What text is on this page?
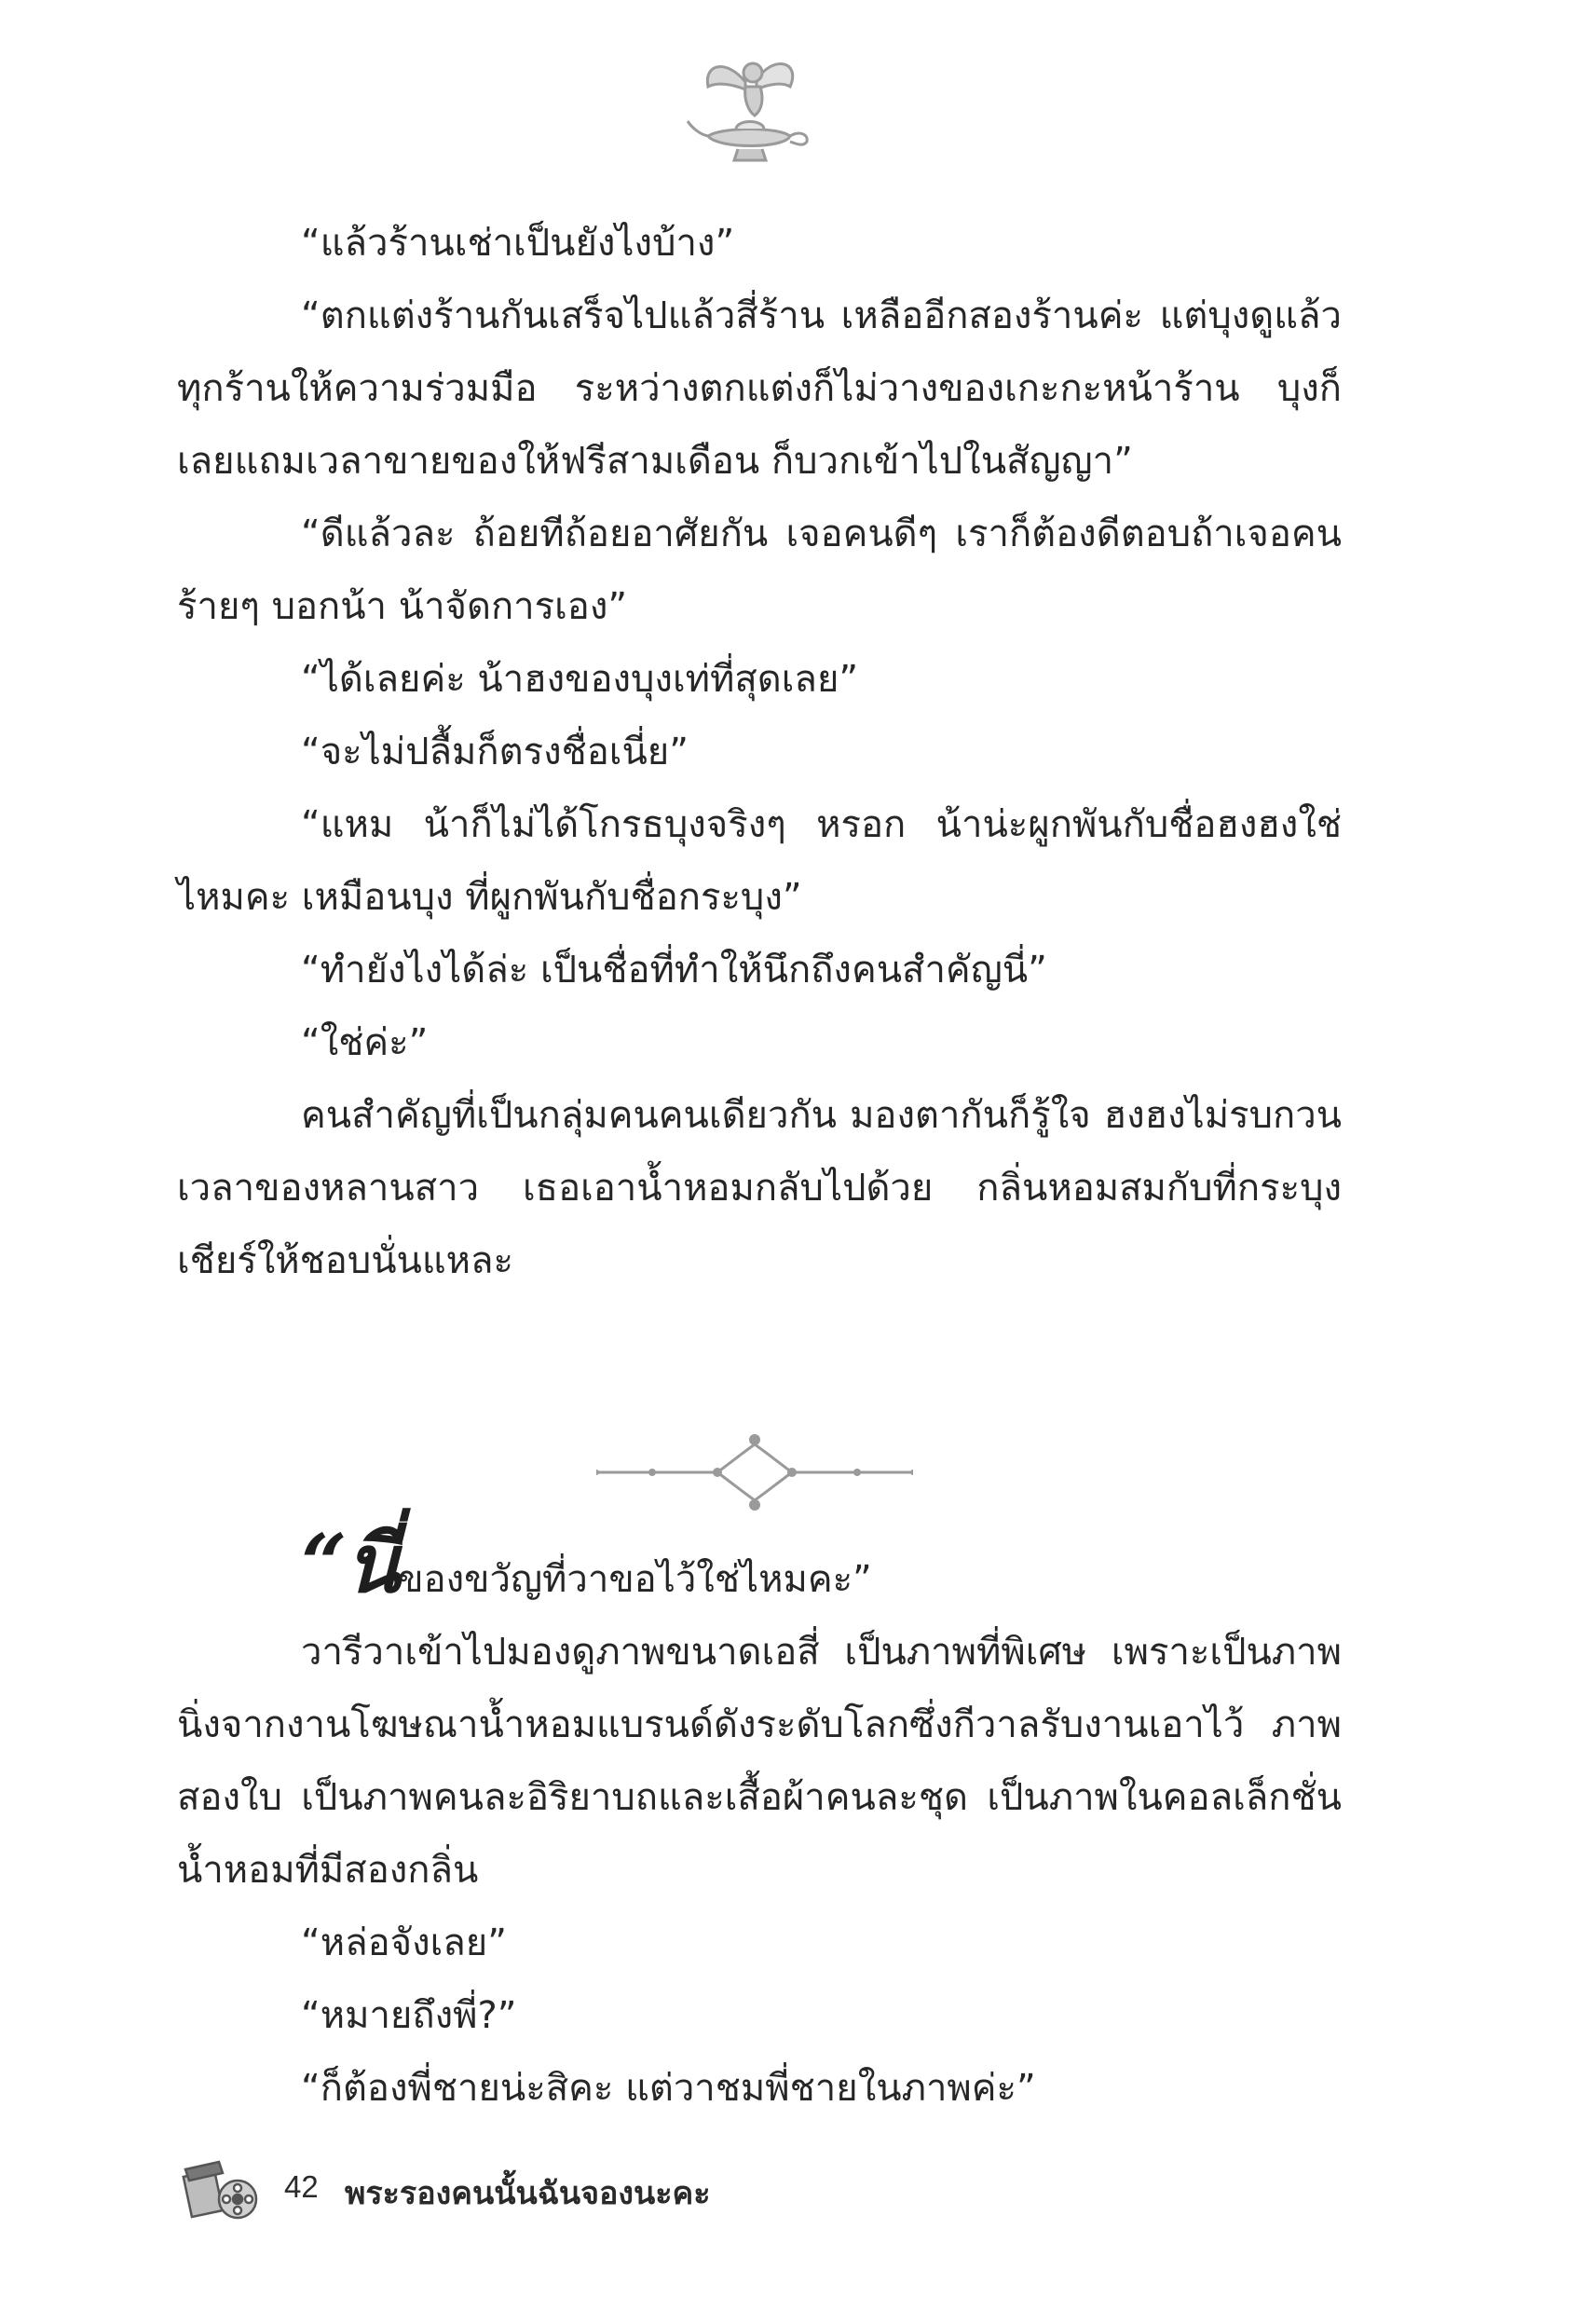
“แล้วร้านเช่าเป็นยังไงบ้าง”

“ตกแต่งร้านกันเสร็จไปแล้วสี่ร้าน เหลืออีกสองร้านค่ะ แต่บุงดูแล้ว ทุกร้านให้ความร่วมมือ ระหว่างตกแต่งก็ไม่วางของเกะกะหน้าร้าน บุงก็เลยแถมเวลาขายของให้ฟรีสามเดือน ก็บวกเข้าไปในสัญญา”

“ดีแล้วละ ถ้อยทีถ้อยอาศัยกัน เจอคนดีๆ เราก็ต้องดีตอบถ้าเจอคนร้ายๆ บอกน้า น้าจัดการเอง”

“ได้เลยค่ะ น้าฮงของบุงเท่ที่สุดเลย”

“จะไม่ปลื้มก็ตรงชื่อเนี่ย”

“แหม น้าก็ไม่ได้โกรธบุงจริงๆ หรอก น้าน่ะผูกพันกับชื่อฮงฮงใช่ไหมคะ เหมือนบุง ที่ผูกพันกับชื่อกระบุง”

“ทำยังไงได้ล่ะ เป็นชื่อที่ทำให้นึกถึงคนสำคัญนี่”

“ใช่ค่ะ”

คนสำคัญที่เป็นกลุ่มคนคนเดียวกัน มองตากันก็รู้ใจ ฮงฮงไม่รบกวนเวลาของหลานสาว เธอเอาน้ำหอมกลับไปด้วย กลิ่นหอมสมกับที่กระบุงเชียร์ให้ชอบนั่นแหละ

“นี่ของขวัญที่วาขอไว้ใช่ไหมคะ”

วารีวาเข้าไปมองดูภาพขนาดเอสี่ เป็นภาพที่พิเศษ เพราะเป็นภาพนิ่งจากงานโฆษณาน้ำหอมแบรนด์ดังระดับโลกซึ่งกีวาลรับงานเอาไว้ ภาพสองใบ เป็นภาพคนละอิริยาบถและเสื้อผ้าคนละชุด เป็นภาพในคอลเล็กชั่นน้ำหอมที่มีสองกลิ่น

“หล่อจังเลย”

“หมายถึงพี่?”

“ก็ต้องพี่ชายน่ะสิคะ แต่วาชมพี่ชายในภาพค่ะ”

42 พระรองคนนั้นฉันจองนะคะ
